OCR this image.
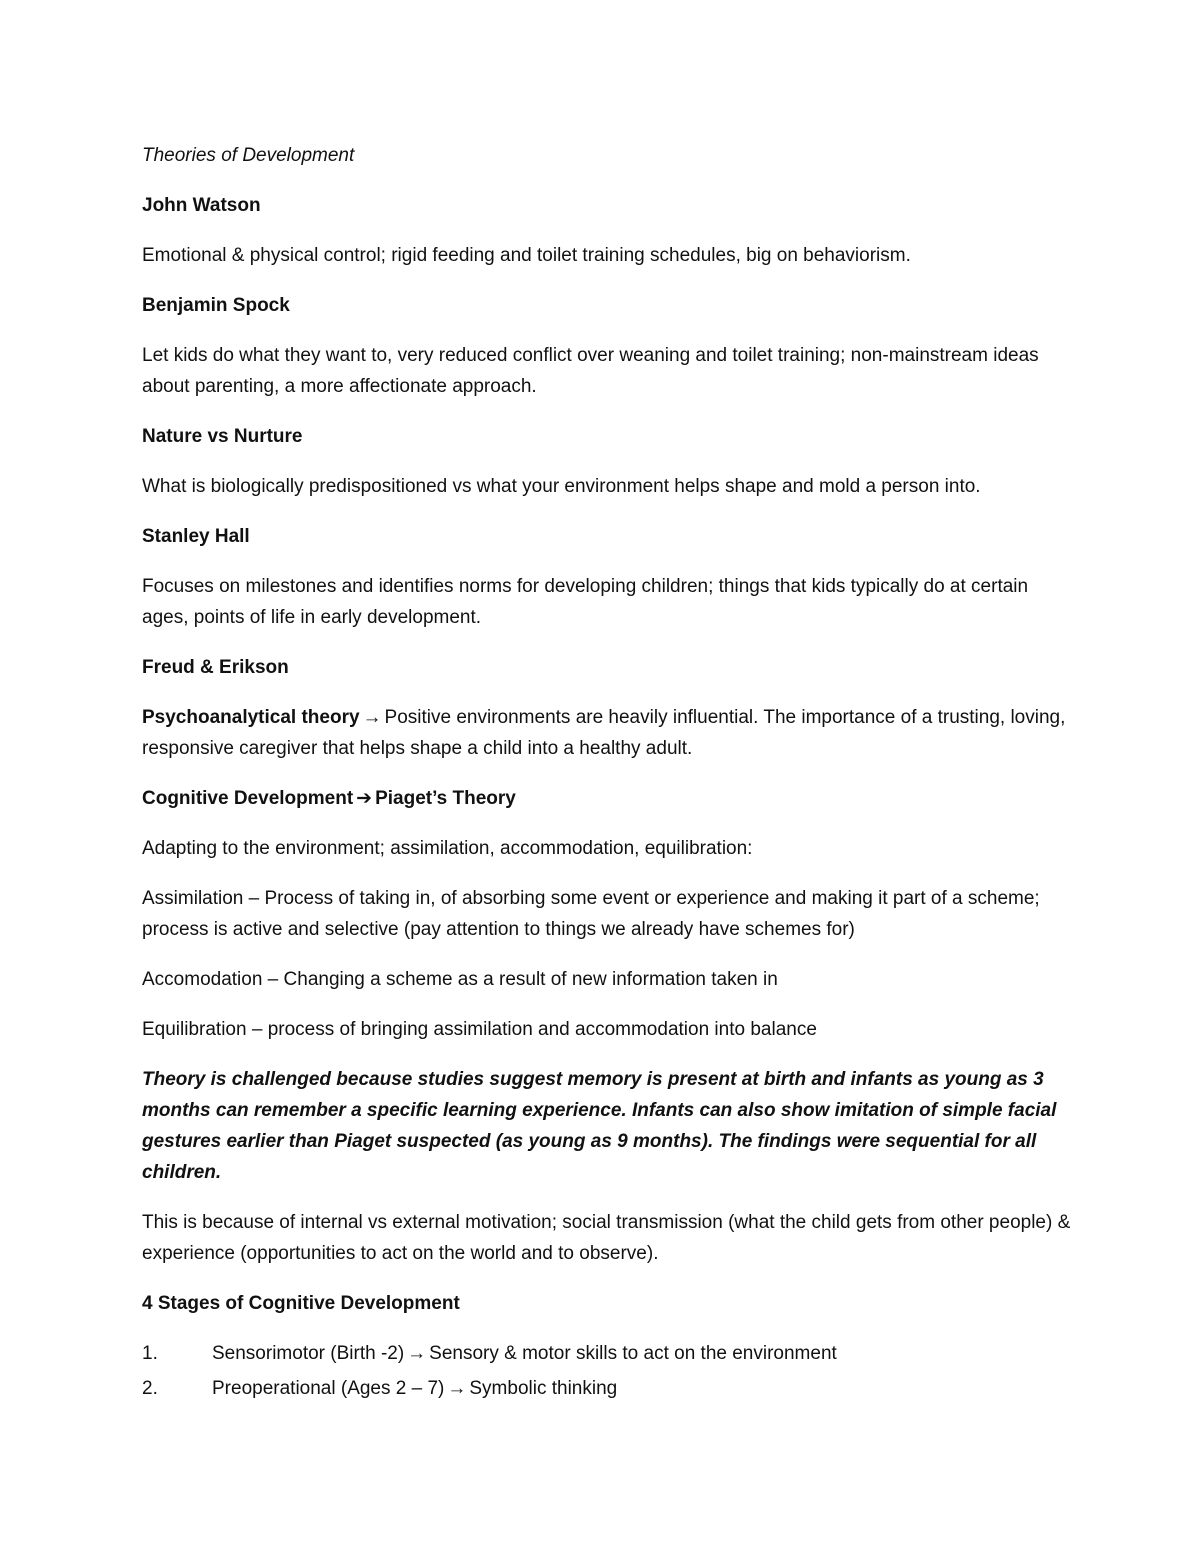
Theories of Development

John Watson

Emotional & physical control; rigid feeding and toilet training schedules, big on behaviorism.

Benjamin Spock

Let kids do what they want to, very reduced conflict over weaning and toilet training; non-mainstream ideas about parenting, a more affectionate approach.

Nature vs Nurture

What is biologically predispositioned vs what your environment helps shape and mold a person into.

Stanley Hall

Focuses on milestones and identifies norms for developing children; things that kids typically do at certain ages, points of life in early development.

Freud & Erikson

Psychoanalytical theory → Positive environments are heavily influential. The importance of a trusting, loving, responsive caregiver that helps shape a child into a healthy adult.

Cognitive Development ➔ Piaget’s Theory

Adapting to the environment; assimilation, accommodation, equilibration:

Assimilation – Process of taking in, of absorbing some event or experience and making it part of a scheme; process is active and selective (pay attention to things we already have schemes for)

Accomodation – Changing a scheme as a result of new information taken in

Equilibration – process of bringing assimilation and accommodation into balance

Theory is challenged because studies suggest memory is present at birth and infants as young as 3 months can remember a specific learning experience. Infants can also show imitation of simple facial gestures earlier than Piaget suspected (as young as 9 months). The findings were sequential for all children.

This is because of internal vs external motivation; social transmission (what the child gets from other people) & experience (opportunities to act on the world and to observe).

4 Stages of Cognitive Development

1.	Sensorimotor (Birth -2) → Sensory & motor skills to act on the environment
2.	Preoperational (Ages 2 – 7) → Symbolic thinking
